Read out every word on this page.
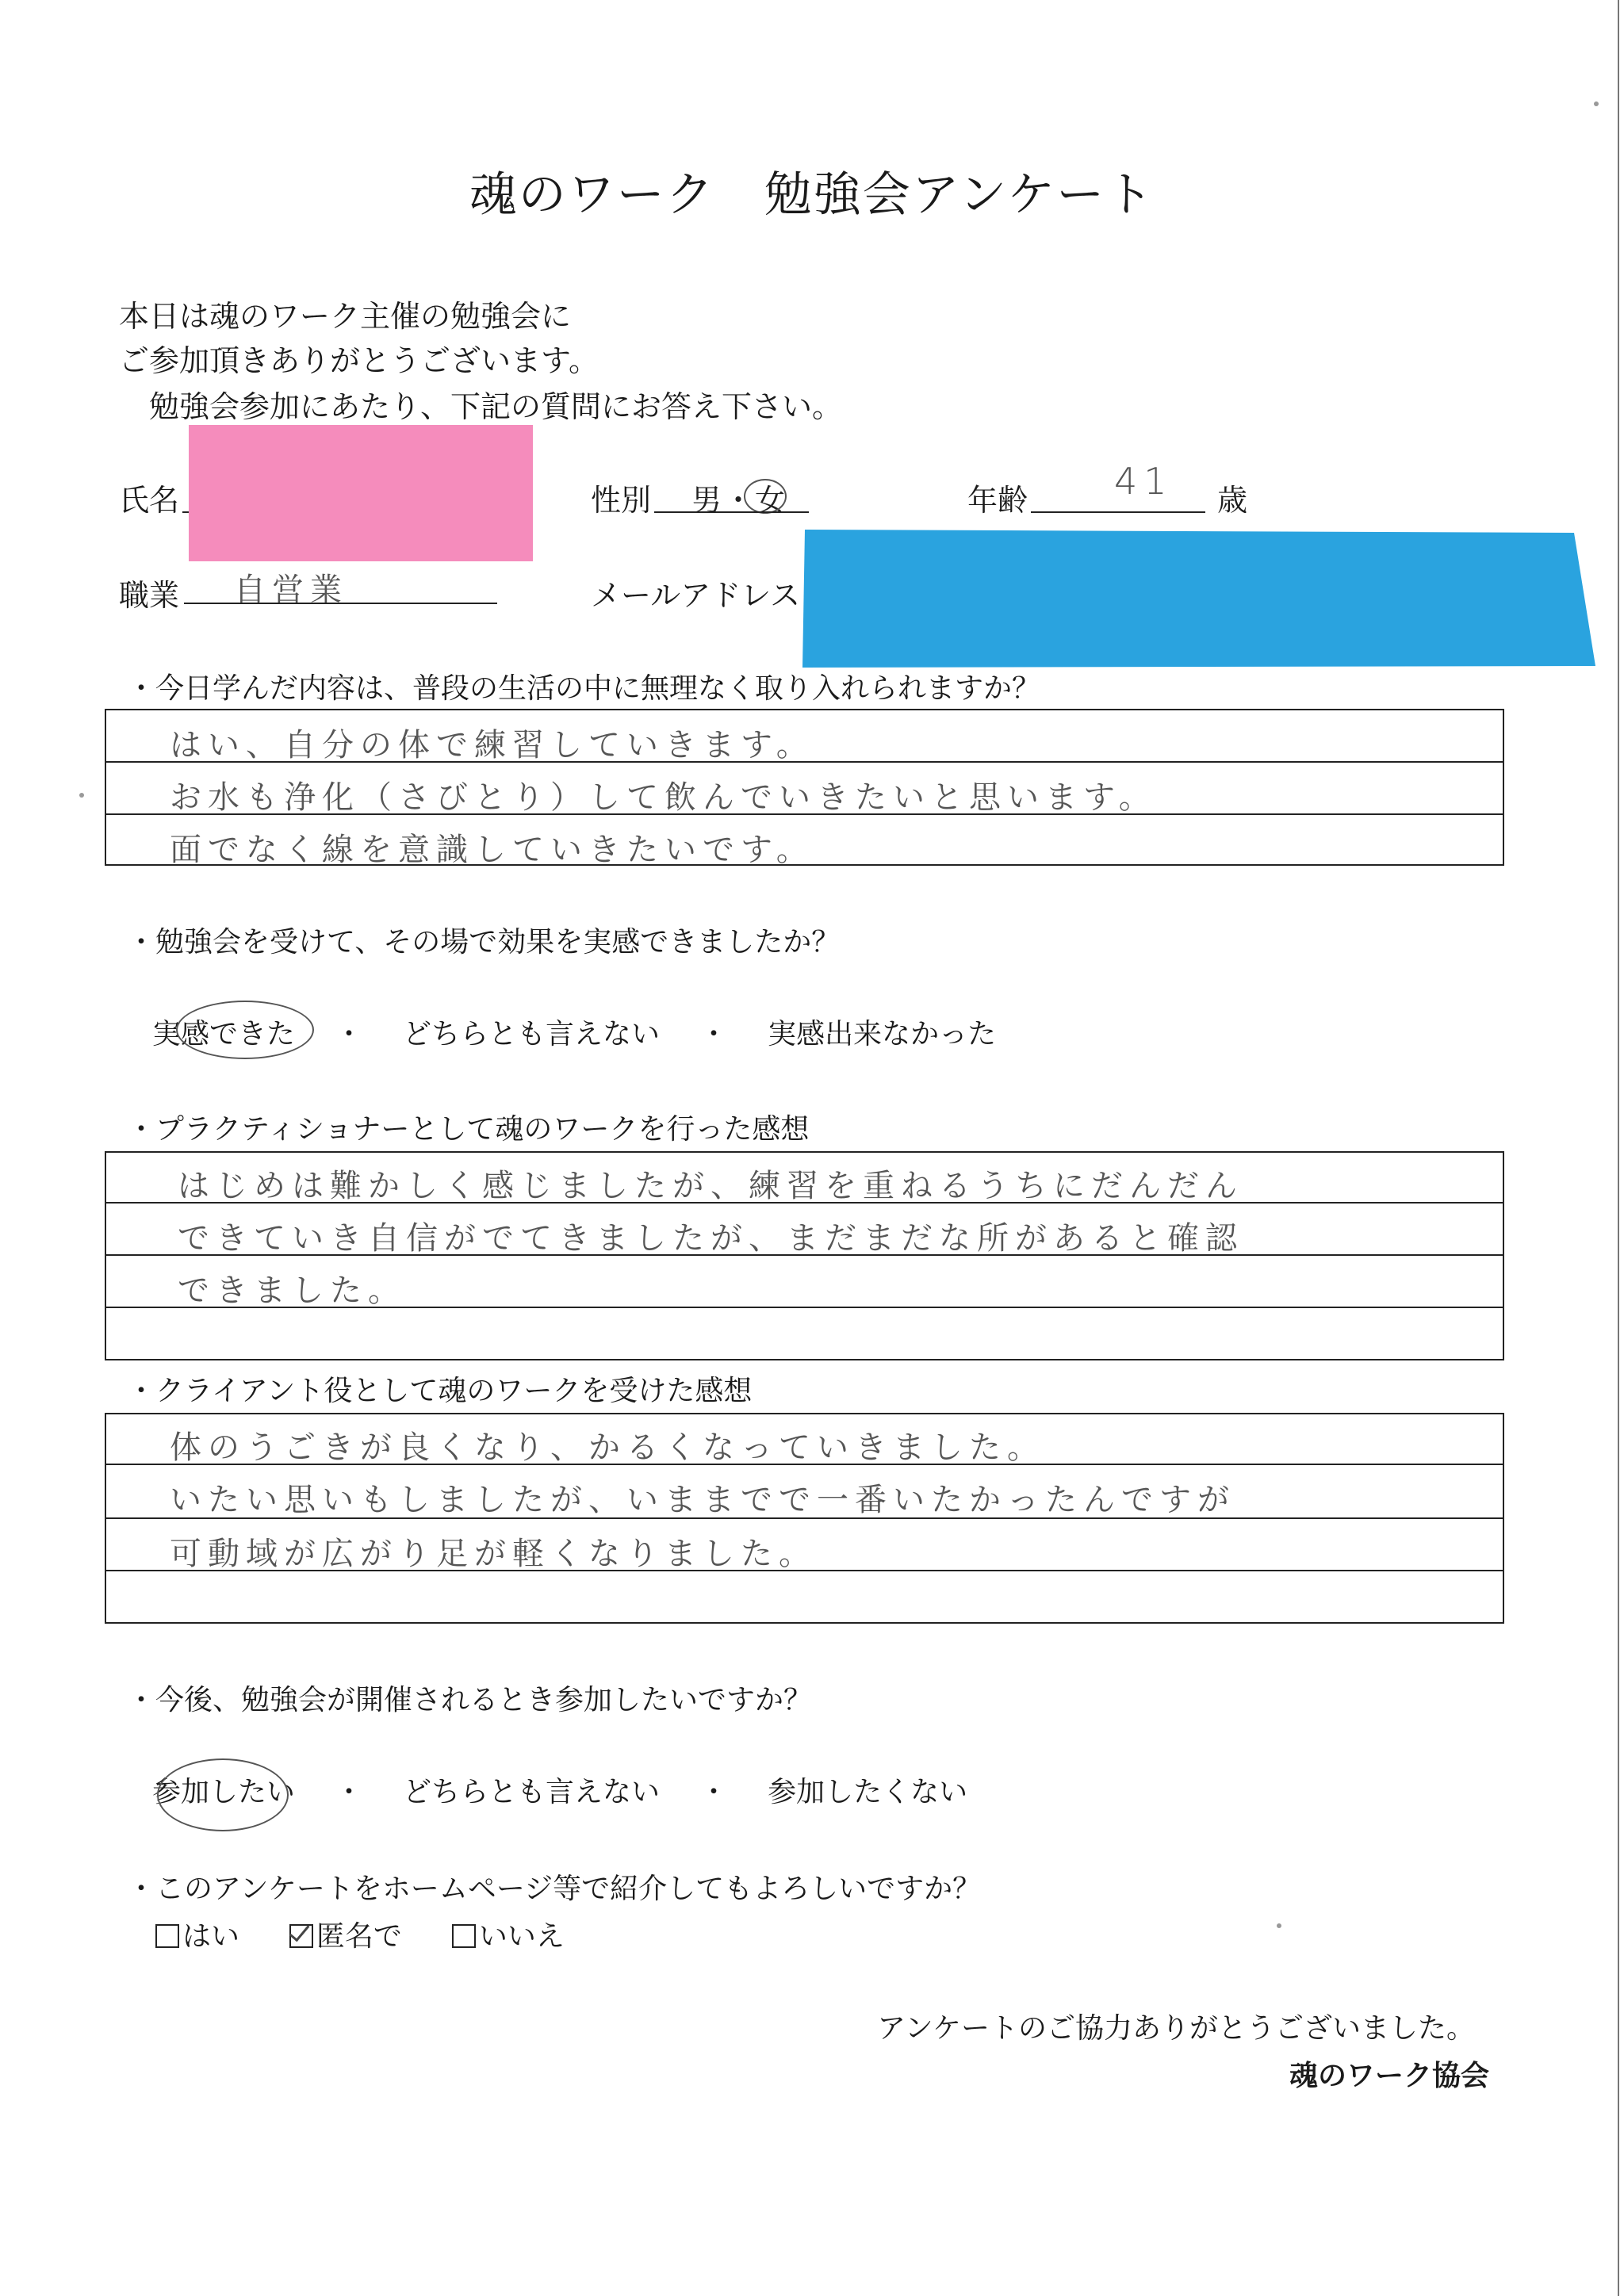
魂のワーク　勉強会アンケート
本日は魂のワーク主催の勉強会に
ご参加頂きありがとうございます。
　勉強会参加にあたり、下記の質問にお答え下さい。
氏名	性別 男・女	年齢 41 歳
職業 自営業	メールアドレス
・今日学んだ内容は、普段の生活の中に無理なく取り入れられますか？
はい、自分の体で練習していきます。
お水も浄化（さびとり）して飲んでいきたいと思います。
面でなく線を意識していきたいです。
・勉強会を受けて、その場で効果を実感できましたか？
実感できた ・ どちらとも言えない ・ 実感出来なかった
・プラクティショナーとして魂のワークを行った感想
はじめは難かしく感じましたが、練習を重ねるうちにだんだん
できていき自信がでてきましたが、まだまだな所があると確認
できました。
・クライアント役として魂のワークを受けた感想
体のうごきが良くなり、かるくなっていきました。
いたい思いもしましたが、いままでで一番いたかったんですが
可動域が広がり足が軽くなりました。
・今後、勉強会が開催されるとき参加したいですか？
参加したい ・ どちらとも言えない ・ 参加したくない
・このアンケートをホームページ等で紹介してもよろしいですか？
はい	匿名で	いいえ
アンケートのご協力ありがとうございました。
魂のワーク協会
